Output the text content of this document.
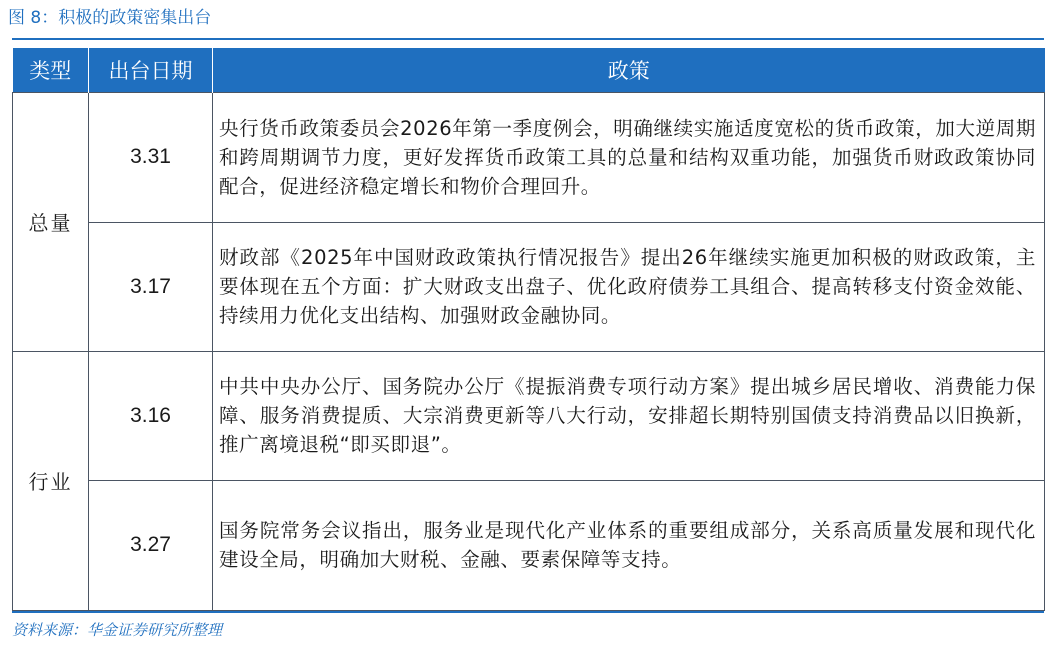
图 8：积极的政策密集出台
类型	出台日期	政策
总量	3.31	央行货币政策委员会2026年第一季度例会，明确继续实施适度宽松的货币政策，加大逆周期和跨周期调节力度，更好发挥货币政策工具的总量和结构双重功能，加强货币财政政策协同配合，促进经济稳定增长和物价合理回升。
	3.17	财政部《2025年中国财政政策执行情况报告》提出26年继续实施更加积极的财政政策，主要体现在五个方面：扩大财政支出盘子、优化政府债券工具组合、提高转移支付资金效能、持续用力优化支出结构、加强财政金融协同。
行业	3.16	中共中央办公厅、国务院办公厅《提振消费专项行动方案》提出城乡居民增收、消费能力保障、服务消费提质、大宗消费更新等八大行动，安排超长期特别国债支持消费品以旧换新，推广离境退税“即买即退”。
	3.27	国务院常务会议指出，服务业是现代化产业体系的重要组成部分，关系高质量发展和现代化建设全局，明确加大财税、金融、要素保障等支持。
资料来源：华金证券研究所整理
